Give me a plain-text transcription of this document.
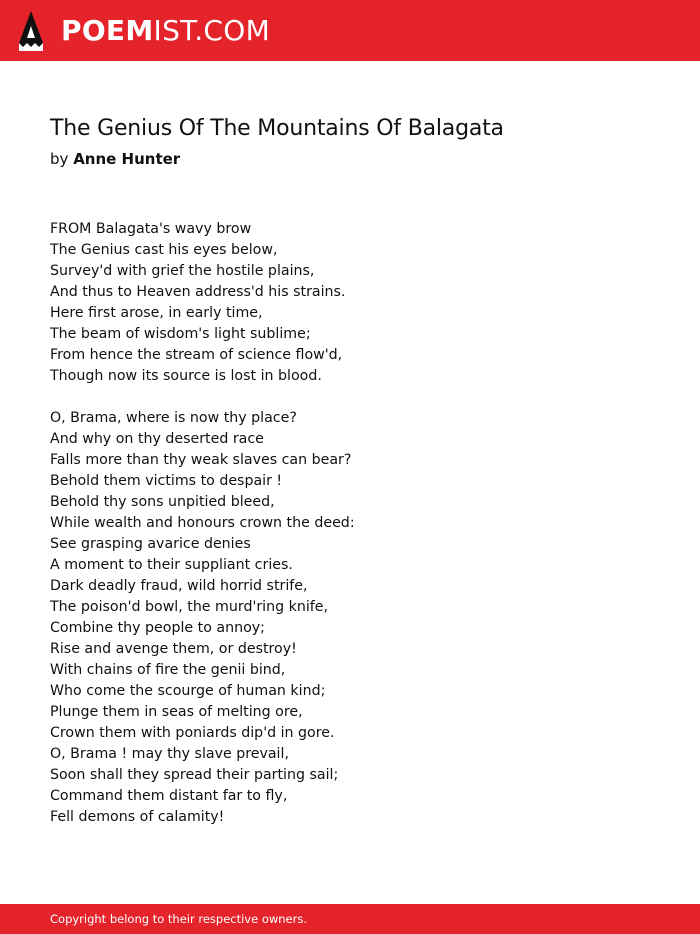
POEMIST.COM
The Genius Of The Mountains Of Balagata
by Anne Hunter
FROM Balagata's wavy brow
The Genius cast his eyes below,
Survey'd with grief the hostile plains,
And thus to Heaven address'd his strains.
Here first arose, in early time,
The beam of wisdom's light sublime;
From hence the stream of science flow'd,
Though now its source is lost in blood.
O, Brama, where is now thy place?
And why on thy deserted race
Falls more than thy weak slaves can bear?
Behold them victims to despair !
Behold thy sons unpitied bleed,
While wealth and honours crown the deed:
See grasping avarice denies
A moment to their suppliant cries.
Dark deadly fraud, wild horrid strife,
The poison'd bowl, the murd'ring knife,
Combine thy people to annoy;
Rise and avenge them, or destroy!
With chains of fire the genii bind,
Who come the scourge of human kind;
Plunge them in seas of melting ore,
Crown them with poniards dip'd in gore.
O, Brama ! may thy slave prevail,
Soon shall they spread their parting sail;
Command them distant far to fly,
Fell demons of calamity!
Copyright belong to their respective owners.
